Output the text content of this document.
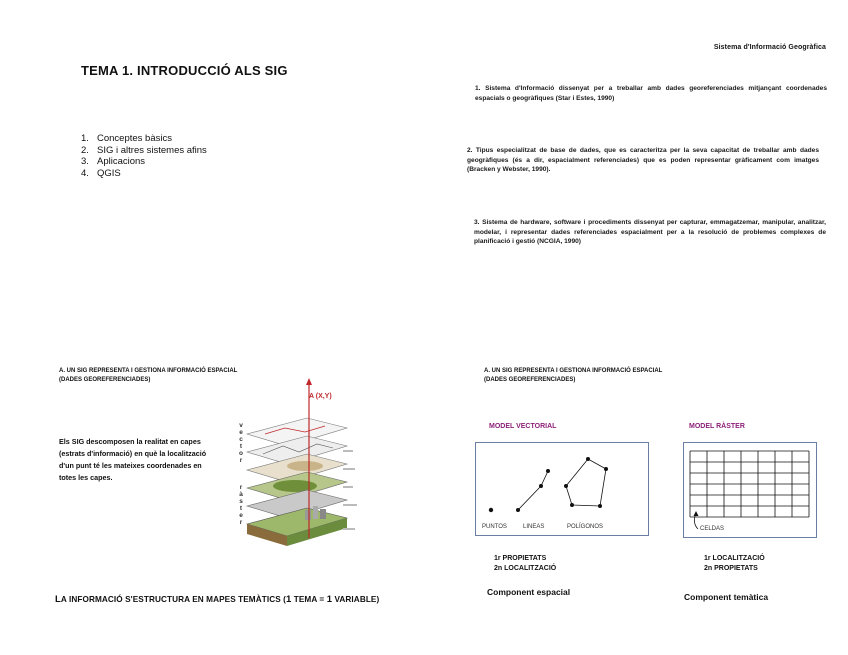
Sistema d'Informació Geogràfica
TEMA 1. INTRODUCCIÓ ALS SIG
1. Conceptes bàsics
2. SIG i altres sistemes afins
3. Aplicacions
4. QGIS

1. Sistema d'Informació dissenyat per a treballar amb dades georeferenciades mitjançant coordenades espacials o geogràfiques (Star i Estes, 1990)

2. Tipus especialitzat de base de dades, que es caracteritza per la seva capacitat de treballar amb dades geogràfiques (és a dir, espacialment referenciades) que es poden representar gràficament com imatges (Bracken y Webster, 1990).

3. Sistema de hardware, software i procediments dissenyat per capturar, emmagatzemar, manipular, analitzar, modelar, i representar dades referenciades espacialment per a la resolució de problemes complexes de planificació i gestió (NCGIA, 1990)

A. UN SIG REPRESENTA I GESTIONA INFORMACIÓ ESPACIAL
(DADES GEOREFERENCIADES)

Els SIG descomposen la realitat en capes (estrats d'informació) en què la localització d'un punt té les mateixes coordenades en totes les capes.

v
e
c
t
o
r
r
à
s
t
e
r
A (X,Y)
LA INFORMACIÓ S'ESTRUCTURA EN MAPES TEMÀTICS (1 TEMA = 1 VARIABLE)
A. UN SIG REPRESENTA I GESTIONA INFORMACIÓ ESPACIAL
(DADES GEOREFERENCIADES)
MODEL VECTORIAL	MODEL RÀSTER
PUNTOS	LINEAS	POLÍGONOS	CELDAS
1r PROPIETATS
2n LOCALITZACIÓ
1r LOCALITZACIÓ
2n PROPIETATS
Component espacial	Component temàtica
